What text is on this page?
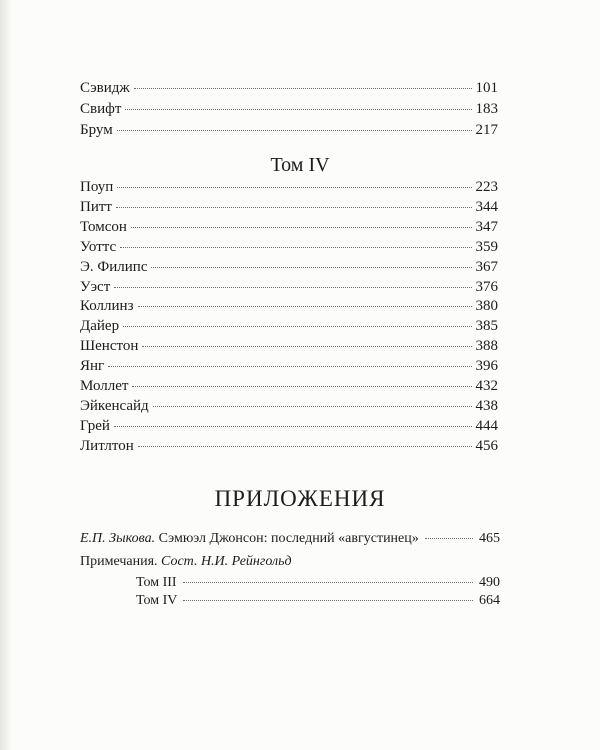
Сэвидж	101
Свифт	183
Брум	217
Том IV
Поуп	223
Питт	344
Томсон	347
Уоттс	359
Э. Филипс	367
Уэст	376
Коллинз	380
Дайер	385
Шенстон	388
Янг	396
Моллет	432
Эйкенсайд	438
Грей	444
Литлтон	456
ПРИЛОЖЕНИЯ
Е.П. Зыкова. Сэмюэл Джонсон: последний «августинец»	465
Примечания. Сост. Н.И. Рейнгольд
Том III	490
Том IV	664
